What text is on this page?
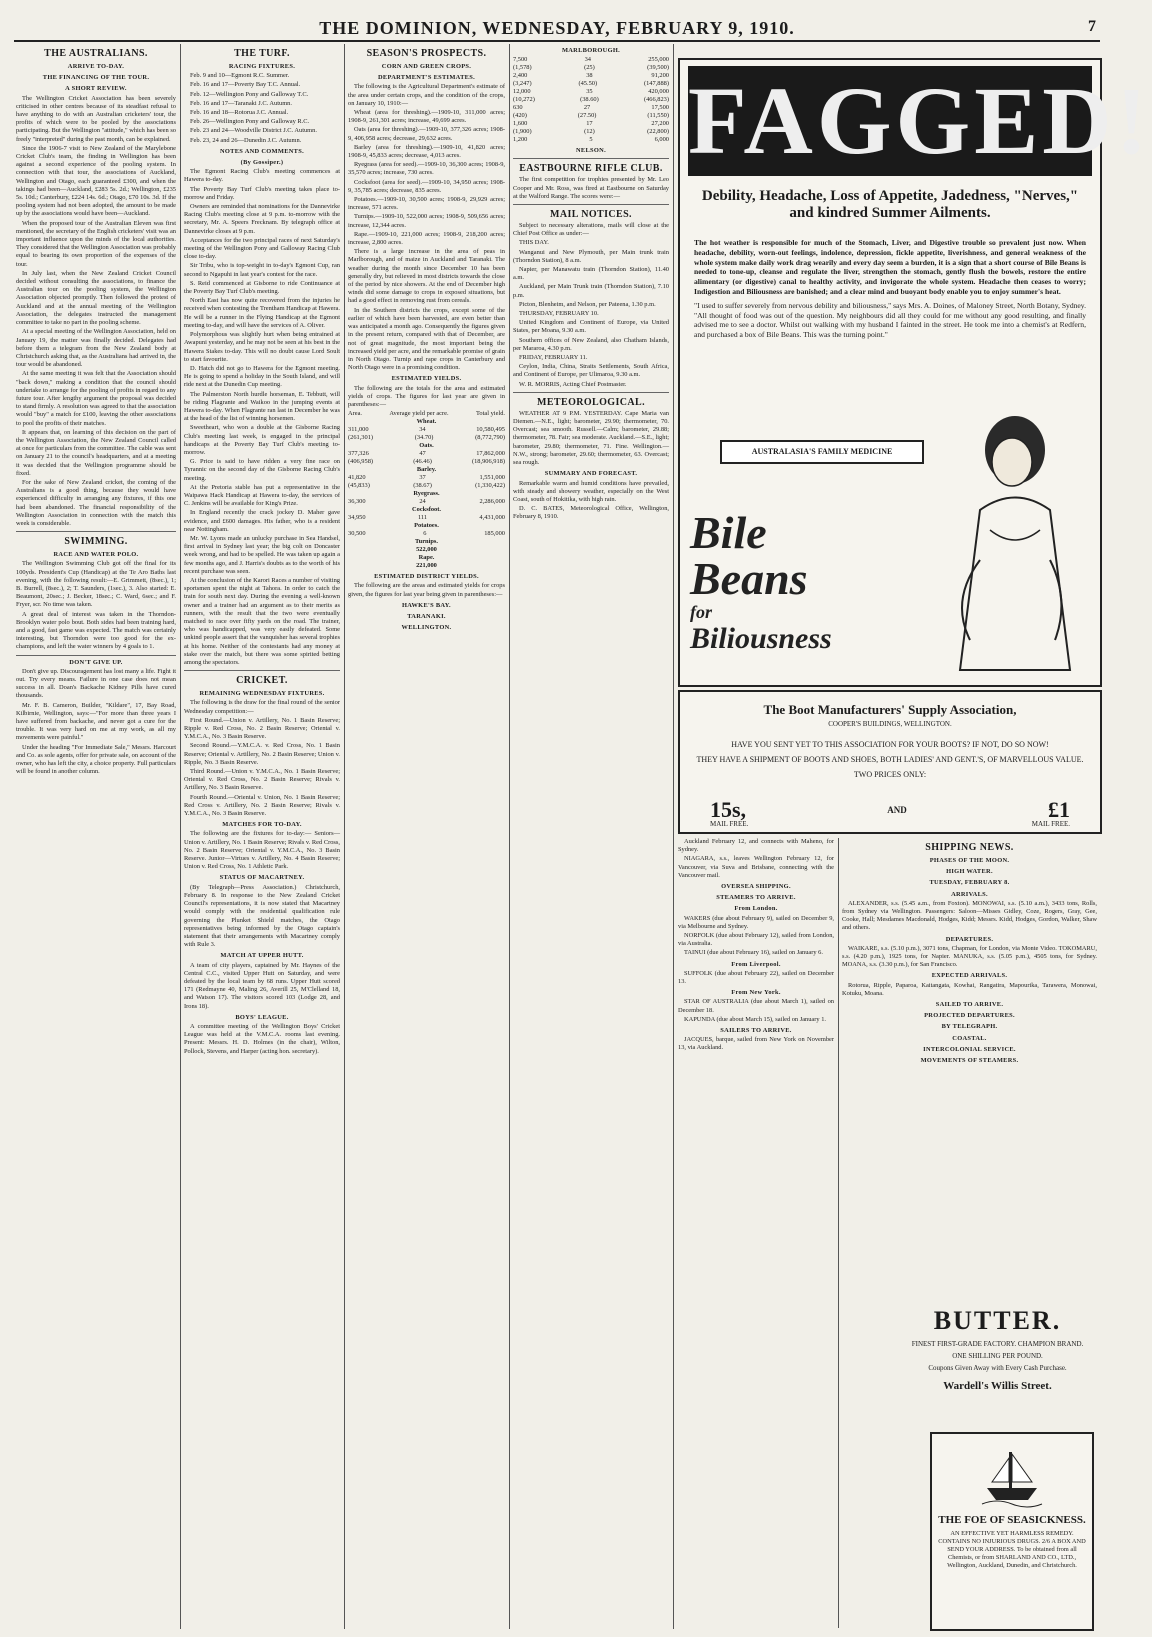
THE DOMINION, WEDNESDAY, FEBRUARY 9, 1910.	7
THE AUSTRALIANS.
ARRIVE TO-DAY.
THE FINANCING OF THE TOUR.
A SHORT REVIEW.

The Wellington Cricket Association has been severely criticised in other centres because of its steadfast refusal to have anything to do with an Australian cricketers' tour, the profits of which were to be pooled by the associations participating. But the Wellington "attitude," which has been so freely "interpreted" during the past month, can be explained.

Since the 1906-7 visit to New Zealand of the Marylebone Cricket Club's team, the finding in Wellington has been against a second experience of the pooling system. In connection with that tour, the associations of Auckland, Wellington and Otago, each guaranteed £300, and when the takings had been—Auckland, £283 5s. 2d.; Wellington, £235 5s. 10d.; Canterbury, £224 14s. 6d.; Otago, £70 10s. 3d. If the pooling system had not been adopted, the amount to be made up by the associations would have been—Auckland.

When the proposed tour of the Australian Eleven was first mentioned, the secretary of the English cricketers' visit was an important influence upon the minds of the local authorities. They considered that the Wellington Association was probably equal to bearing its own proportion of the expenses of the tour.

In July last, when the New Zealand Cricket Council decided without consulting the associations, to finance the Australian tour on the pooling system, the Wellington Association objected promptly. Then followed the protest of Auckland and at the annual meeting of the Wellington Association, the delegates instructed the management committee to take no part in the pooling scheme.

At a special meeting of the Wellington Association, held on January 19, the matter was finally decided. Delegates had before them a telegram from the New Zealand body at Christchurch asking that, as the Australians had arrived in, the tour would be abandoned.

At the same meeting it was felt that the Association should "back down," making a condition that the council should undertake to arrange for the pooling of profits in regard to any future tour. After lengthy argument the proposal was decided to stand firmly. A resolution was agreed to that the association would "buy" a match for £100, leaving the other associations to pool the profits of their matches.

It appears that, on learning of this decision on the part of the Wellington Association, the New Zealand Council called at once for particulars from the committee. The cable was sent on January 21 to the council's headquarters, and at a meeting it was decided that the Wellington programme should be fixed.

For the sake of New Zealand cricket, the coming of the Australians is a good thing, because they would have experienced difficulty in arranging any fixtures, if this one had been abandoned. The financial responsibility of the Wellington Association in connection with the match this week is considerable.

SWIMMING.
RACE AND WATER POLO.

The Wellington Swimming Club got off the final for its 100yds. President's Cup (Handicap) at the Te Aro Baths last evening, with the following result:—E. Grimmett, (8sec.), 1; B. Burrell, (8sec.), 2; T. Saunders, (1sec.), 3. Also started: E. Beaumont, 20sec.; J. Becker, 18sec.; C. Ward, 6sec.; and F. Fryer, scr. No time was taken.

A great deal of interest was taken in the Thorndon-Brooklyn water polo bout. Both sides had been training hard, and a good, fast game was expected. The match was certainly interesting, but Thorndon were too good for the ex-champions, and left the water winners by 4 goals to 1.

DON'T GIVE UP.

Don't give up. Discouragement has lost many a life. Fight it out. Try every means. Failure in one case does not mean success in all. Doan's Backache Kidney Pills have cured thousands.

Mr. F. B. Cameron, Builder, "Kildare", 17, Bay Road, Kilbirnie, Wellington, says:—"For more than three years I have suffered from backache, and never got a cure for the trouble. It was very hard on me at my work, as all my movements were painful."

Under the heading "For Immediate Sale," Messrs. Harcourt and Co. as sole agents, offer for private sale, on account of the owner, who has left the city, a choice property. Full particulars will be found in another column.

THE TURF.
RACING FIXTURES.

Feb. 9 and 10—Egmont R.C. Summer.

Feb. 16 and 17—Poverty Bay T.C. Annual.

Feb. 12—Wellington Pony and Galloway T.C.

Feb. 16 and 17—Taranaki J.C. Autumn.

Feb. 16 and 18—Rotorua J.C. Annual.

Feb. 26—Wellington Pony and Galloway R.C.

Feb. 23 and 24—Woodville District J.C. Autumn.

Feb. 23, 24 and 26—Dunedin J.C. Autumn.

NOTES AND COMMENTS.
(By Gossiper.)

The Egmont Racing Club's meeting commences at Hawera to-day.

The Poverty Bay Turf Club's meeting takes place to-morrow and Friday.

Owners are reminded that nominations for the Dannevirke Racing Club's meeting close at 9 p.m. to-morrow with the secretary, Mr. A. Speers Frecknam. By telegraph office at Dannevirke closes at 9 p.m.

Acceptances for the two principal races of next Saturday's meeting of the Wellington Pony and Galloway Racing Club close to-day.

Sir Tribu, who is top-weight in to-day's Egmont Cup, ran second to Ngapuhi in last year's contest for the race.

S. Reid commenced at Gisborne to ride Continuance at the Poverty Bay Turf Club's meeting.

North East has now quite recovered from the injuries he received when contesting the Trentham Handicap at Hawera. He will be a runner in the Flying Handicap at the Egmont meeting to-day, and will have the services of A. Oliver.

Polymorphous was slightly hurt when being entrained at Awapuni yesterday, and he may not be seen at his best in the Hawera Stakes to-day. This will no doubt cause Lord Soult to start favourite.

D. Hatch did not go to Hawera for the Egmont meeting. He is going to spend a holiday in the South Island, and will ride next at the Dunedin Cup meeting.

The Palmerston North hurdle horseman, E. Tebbutt, will be riding Flagrante and Waikoo in the jumping events at Hawera to-day. When Flagrante ran last in December he was at the head of the list of winning horsemen.

Sweetheart, who won a double at the Gisborne Racing Club's meeting last week, is engaged in the principal handicaps at the Poverty Bay Turf Club's meeting to-morrow.

G. Price is said to have ridden a very fine race on Tyrannic on the second day of the Gisborne Racing Club's meeting.

At the Pretoria stable has put a representative in the Waipawa Hack Handicap at Hawera to-day, the services of C. Jenkins will be available for King's Prize.

In England recently the crack jockey D. Maher gave evidence, and £600 damages. His father, who is a resident near Nottingham.

Mr. W. Lyons made an unlucky purchase in Sea Handsel, first arrival in Sydney last year; the big colt on Doncaster week wrong, and had to be spelled. He was taken up again a few months ago, and J. Harris's doubts as to the worth of his recent purchase was seen.

At the conclusion of the Karori Races a number of visiting sportsmen spent the night at Tahora. In order to catch the train for south next day. During the evening a well-known owner and a trainer had an argument as to their merits as runners, with the result that the two were eventually matched to race over fifty yards on the road. The trainer, who was handicapped, was very easily defeated. Some unkind people assert that the vanquisher has several trophies at his home. Neither of the contestants had any money at stake over the match, but there was some spirited betting among the spectators.

CRICKET.
REMAINING WEDNESDAY FIXTURES.

The following is the draw for the final round of the senior Wednesday competition:—

First Round.—Union v. Artillery, No. 1 Basin Reserve; Ripple v. Red Cross, No. 2 Basin Reserve; Oriental v. Y.M.C.A., No. 3 Basin Reserve.

Second Round.—Y.M.C.A. v. Red Cross, No. 1 Basin Reserve; Oriental v. Artillery, No. 2 Basin Reserve; Union v. Ripple, No. 3 Basin Reserve.

Third Round.—Union v. Y.M.C.A., No. 1 Basin Reserve; Oriental v. Red Cross, No. 2 Basin Reserve; Rivals v. Artillery, No. 3 Basin Reserve.

Fourth Round.—Oriental v. Union, No. 1 Basin Reserve; Red Cross v. Artillery, No. 2 Basin Reserve; Rivals v. Y.M.C.A., No. 3 Basin Reserve.

MATCHES FOR TO-DAY.

The following are the fixtures for to-day:— Seniors—Union v. Artillery, No. 1 Basin Reserve; Rivals v. Red Cross, No. 2 Basin Reserve; Oriental v. Y.M.C.A., No. 3 Basin Reserve. Junior—Virtues v. Artillery, No. 4 Basin Reserve; Union v. Red Cross, No. 1 Athletic Park.

STATUS OF MACARTNEY.

(By Telegraph—Press Association.) Christchurch, February 8. In response to the New Zealand Cricket Council's representations, it is now stated that Macartney would comply with the residential qualification rule governing the Plunket Shield matches, the Otago representatives being informed by the Otago captain's statement that their arrangements with Macartney comply with Rule 3.

MATCH AT UPPER HUTT.

A team of city players, captained by Mr. Haynes of the Central C.C., visited Upper Hutt on Saturday, and were defeated by the local team by 68 runs. Upper Hutt scored 171 (Redmayne 40, Maling 26, Averill 25, M'Clelland 18, and Watson 17). The visitors scored 103 (Lodge 28, and Irons 18).

BOYS' LEAGUE.

A committee meeting of the Wellington Boys' Cricket League was held at the V.M.C.A. rooms last evening. Present: Messrs. H. D. Holmes (in the chair), Wilton, Pollock, Stevens, and Harper (acting hon. secretary).

SEASON'S PROSPECTS.
CORN AND GREEN CROPS.
DEPARTMENT'S ESTIMATES.

The following is the Agricultural Department's estimate of the area under certain crops, and the condition of the crops, on January 10, 1910:—

Wheat (area for threshing).—1909-10, 311,000 acres; 1908-9, 261,301 acres; increase, 49,699 acres.

Oats (area for threshing).—1909-10, 377,326 acres; 1908-9, 406,958 acres; decrease, 29,632 acres.

Barley (area for threshing).—1909-10, 41,820 acres; 1908-9, 45,833 acres; decrease, 4,013 acres.

Ryegrass (area for seed).—1909-10, 36,300 acres; 1908-9, 35,570 acres; increase, 730 acres.

Cocksfoot (area for seed).—1909-10, 34,950 acres; 1908-9, 35,785 acres; decrease, 835 acres.

Potatoes.—1909-10, 30,500 acres; 1908-9, 29,929 acres; increase, 571 acres.

Turnips.—1909-10, 522,000 acres; 1908-9, 509,656 acres; increase, 12,344 acres.

Rape.—1909-10, 221,000 acres; 1908-9, 218,200 acres; increase, 2,800 acres.

There is a large increase in the area of peas in Marlborough, and of maize in Auckland and Taranaki. The weather during the month since December 10 has been generally dry, but relieved in most districts towards the close of the period by nice showers. At the end of December high winds did some damage to crops in exposed situations, but had a good effect in removing rust from cereals.

In the Southern districts the crops, except some of the earlier of which have been harvested, are even better than was anticipated a month ago. Consequently the figures given in the present return, compared with that of December, are not of great magnitude, the most important being the increased yield per acre, and the remarkable promise of grain in North Otago. Turnip and rape crops in Canterbury and North Otago were in a promising condition.

ESTIMATED YIELDS.

The following are the totals for the area and estimated yields of crops. The figures for last year are given in parentheses:—

Area.	Average yield per acre.	Total yield.
Wheat.
311,000	34	10,580,495
(261,301)	(34.70)	(8,772,790)
Oats.
377,326	47	17,862,000
(406,958)	(46.46)	(18,906,918)
Barley.
41,820	37	1,551,000
(45,833)	(38.67)	(1,330,422)
Ryegrass.
36,300	24	2,286,000
Cocksfoot.
34,950	111	4,431,000
Potatoes.
30,500	6	185,000
Turnips.
522,000
Rape.
221,000
ESTIMATED DISTRICT YIELDS.

The following are the areas and estimated yields for crops given, the figures for last year being given in parentheses:—

HAWKE'S BAY.
TARANAKI.
WELLINGTON.
MARLBOROUGH.
7,500	34	255,000
(1,578)	(25)	(39,500)
2,400	38	91,200
(3,247)	(45.50)	(147,888)
12,000	35	420,000
(10,272)	(38.60)	(466,823)
630	27	17,500
(420)	(27.50)	(11,550)
1,600	17	27,200
(1,900)	(12)	(22,800)
1,200	5	6,000
NELSON.
EASTBOURNE RIFLE CLUB.

The first competition for trophies presented by Mr. Leo Cooper and Mr. Ross, was fired at Eastbourne on Saturday at the Walford Range. The scores were:—

MAIL NOTICES.

Subject to necessary alterations, mails will close at the Chief Post Office as under:—

THIS DAY.

Wanganui and New Plymouth, per Main trunk train (Thorndon Station), 8 a.m.

Napier, per Manawatu train (Thorndon Station), 11.40 a.m.

Auckland, per Main Trunk train (Thorndon Station), 7.10 p.m.

Picton, Blenheim, and Nelson, per Pateena, 1.30 p.m.

THURSDAY, FEBRUARY 10.

United Kingdom and Continent of Europe, via United States, per Moana, 9.30 a.m.

Southern offices of New Zealand, also Chatham Islands, per Mararoa, 4.30 p.m.

FRIDAY, FEBRUARY 11.

Ceylon, India, China, Straits Settlements, South Africa, and Continent of Europe, per Ulimaroa, 9.30 a.m.

W. R. MORRIS, Acting Chief Postmaster.

METEOROLOGICAL.

WEATHER AT 9 P.M. YESTERDAY. Cape Maria van Diemen.—N.E., light; barometer, 29.90; thermometer, 70. Overcast; sea smooth. Russell.—Calm; barometer, 29.88; thermometer, 78. Fair; sea moderate. Auckland.—S.E., light; barometer, 29.80; thermometer, 71. Fine. Wellington.—N.W., strong; barometer, 29.60; thermometer, 63. Overcast; sea rough.

SUMMARY AND FORECAST.

Remarkable warm and humid conditions have prevailed, with steady and showery weather, especially on the West Coast, south of Hokitika, with high rain.

D. C. BATES, Meteorological Office, Wellington, February 8, 1910.

FAGGED!
Debility, Headache, Loss of Appetite, Jadedness, "Nerves," and kindred Summer Ailments.

The hot weather is responsible for much of the Stomach, Liver, and Digestive trouble so prevalent just now. When headache, debility, worn-out feelings, indolence, depression, fickle appetite, liverishness, and general weakness of the whole system make daily work drag wearily and every day seem a burden, it is a sign that a short course of Bile Beans is needed to tone-up, cleanse and regulate the liver, strengthen the stomach, gently flush the bowels, restore the entire alimentary (or digestive) canal to healthy activity, and invigorate the whole system. Headache then ceases to worry; Indigestion and Biliousness are banished; and a clear mind and buoyant body enable you to enjoy summer's heat.

"I used to suffer severely from nervous debility and biliousness," says Mrs. A. Doines, of Maloney Street, North Botany, Sydney. "All thought of food was out of the question. My neighbours did all they could for me without any good resulting, and finally advised me to see a doctor. Whilst out walking with my husband I fainted in the street. He took me into a chemist's at Redfern, and purchased a box of Bile Beans. This was the turning point."

AUSTRALASIA'S FAMILY MEDICINE
Bile
Beans
for
Biliousness
The Boot Manufacturers' Supply Association,
COOPER'S BUILDINGS, WELLINGTON.
HAVE YOU SENT YET TO THIS ASSOCIATION FOR YOUR BOOTS? IF NOT, DO SO NOW!
THEY HAVE A SHIPMENT OF BOOTS AND SHOES, BOTH LADIES' AND GENT.'S, OF MARVELLOUS VALUE.
TWO PRICES ONLY:
15s,	AND	£1
MAIL FREE.	MAIL FREE.

Auckland February 12, and connects with Maheno, for Sydney.

NIAGARA, s.s., leaves Wellington February 12, for Vancouver, via Suva and Brisbane, connecting with the Vancouver mail.

OVERSEA SHIPPING.
STEAMERS TO ARRIVE.
From London.

WAKERS (due about February 9), sailed on December 9, via Melbourne and Sydney.

NORFOLK (due about February 12), sailed from London, via Australia.

TAINUI (due about February 16), sailed on January 6.

From Liverpool.

SUFFOLK (due about February 22), sailed on December 13.

From New York.

STAR OF AUSTRALIA (due about March 1), sailed on December 18.

KAPUNDA (due about March 15), sailed on January 1.

SAILERS TO ARRIVE.

JACQUES, barque, sailed from New York on November 13, via Auckland.

SHIPPING NEWS.
PHASES OF THE MOON.
HIGH WATER.
TUESDAY, FEBRUARY 8.
ARRIVALS.

ALEXANDER, s.s. (5.45 a.m., from Foxton). MONOWAI, s.s. (5.10 a.m.), 3433 tons, Rolls, from Sydney via Wellington. Passengers: Saloon—Misses Gidley, Coze, Rogers, Gray, Gee, Cooke, Hall; Mesdames Macdonald, Hodges, Kidd; Messrs. Kidd, Hodges, Gordon, Walker, Shaw and others.

DEPARTURES.

WAIKARE, s.s. (5.10 p.m.), 3071 tons, Chapman, for London, via Monte Video. TOKOMARU, s.s. (4.20 p.m.), 1925 tons, for Napier. MANUKA, s.s. (5.05 p.m.), 4505 tons, for Sydney. MOANA, s.s. (3.30 p.m.), for San Francisco.

EXPECTED ARRIVALS.

Rotorua, Ripple, Paparoa, Kaitangata, Kowhai, Rangatira, Mapourika, Tarawera, Monowai, Kotuku, Moana.

SAILED TO ARRIVE.
PROJECTED DEPARTURES.
BY TELEGRAPH.
COASTAL.
INTERCOLONIAL SERVICE.
MOVEMENTS OF STEAMERS.
BUTTER.
FINEST FIRST-GRADE FACTORY. CHAMPION BRAND.
ONE SHILLING PER POUND.
Coupons Given Away with Every Cash Purchase.
Wardell's Willis Street.
THE FOE OF SEASICKNESS.
AN EFFECTIVE YET HARMLESS REMEDY. CONTAINS NO INJURIOUS DRUGS. 2/6 A BOX AND SEND YOUR ADDRESS. To be obtained from all Chemists, or from SHARLAND AND CO., LTD., Wellington, Auckland, Dunedin, and Christchurch.
